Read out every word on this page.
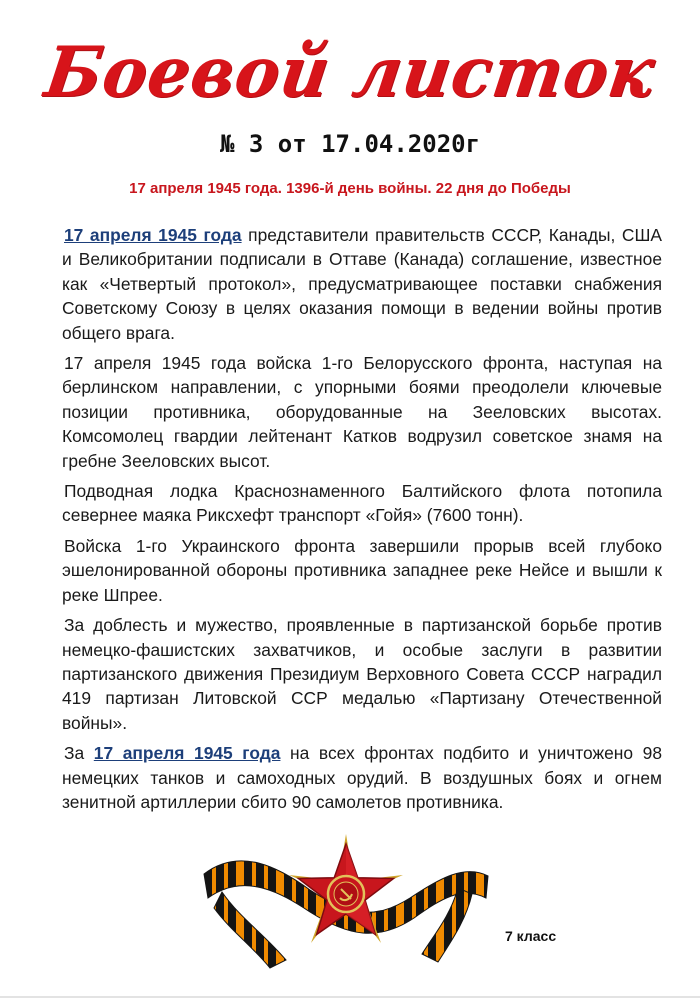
Боевой листок
№ 3 от 17.04.2020г
17 апреля 1945 года. 1396-й день войны. 22 дня до Победы

17 апреля 1945 года представители правительств СССР, Канады, США и Великобритании подписали в Оттаве (Канада) соглашение, известное как «Четвертый протокол», предусматривающее поставки снабжения Советскому Союзу в целях оказания помощи в ведении войны против общего врага.

17 апреля 1945 года войска 1-го Белорусского фронта, наступая на берлинском направлении, с упорными боями преодолели ключевые позиции противника, оборудованные на Зееловских высотах. Комсомолец гвардии лейтенант Катков водрузил советское знамя на гребне Зееловских высот.

Подводная лодка Краснознаменного Балтийского флота потопила севернее маяка Риксхефт транспорт «Гойя» (7600 тонн).

Войска 1-го Украинского фронта завершили прорыв всей глубоко эшелонированной обороны противника западнее реке Нейсе и вышли к реке Шпрее.

За доблесть и мужество, проявленные в партизанской борьбе против немецко-фашистских захватчиков, и особые заслуги в развитии партизанского движения Президиум Верховного Совета СССР наградил 419 партизан Литовской ССР медалью «Партизану Отечественной войны».

За 17 апреля 1945 года на всех фронтах подбито и уничтожено 98 немецких танков и самоходных орудий. В воздушных боях и огнем зенитной артиллерии сбито 90 самолетов противника.

7 класс
